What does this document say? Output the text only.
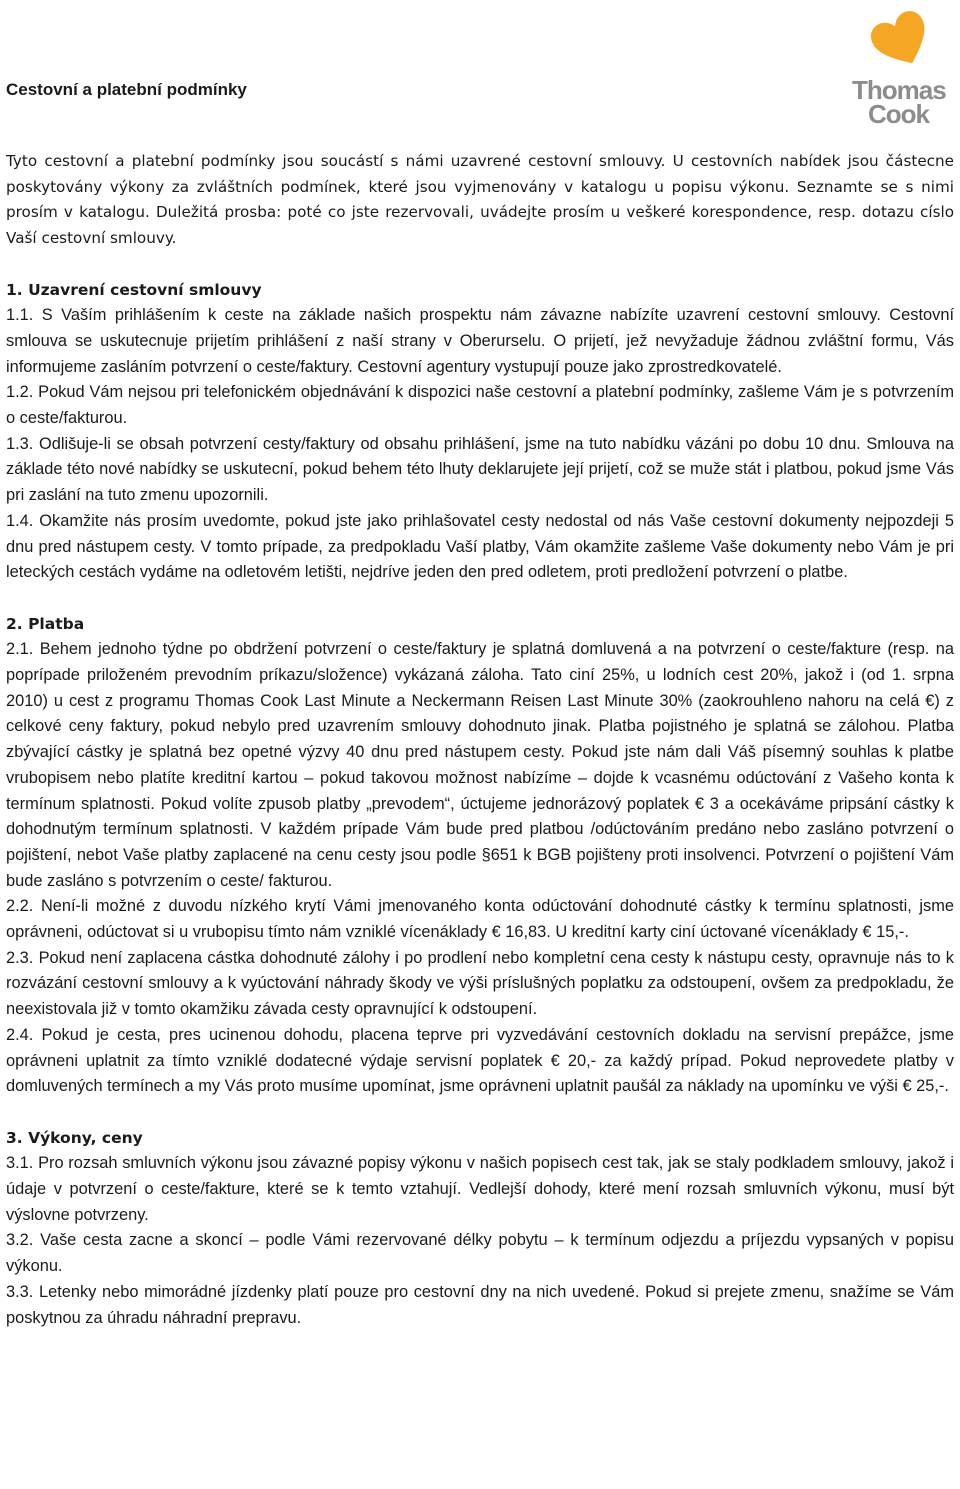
Thomas
Cook
Cestovní a platební podmínky

Tyto cestovní a platební podmínky jsou soucástí s námi uzavrené cestovní smlouvy. U cestovních nabídek jsou částecne poskytovány výkony za zvláštních podmínek, které jsou vyjmenovány v katalogu u popisu výkonu. Seznamte se s nimi prosím v katalogu. Duležitá prosba: poté co jste rezervovali, uvádejte prosím u veškeré korespondence, resp. dotazu císlo Vaší cestovní smlouvy.

1. Uzavrení cestovní smlouvy

1.1. S Vaším prihlášením k ceste na základe našich prospektu nám závazne nabízíte uzavrení cestovní smlouvy. Cestovní smlouva se uskutecnuje prijetím prihlášení z naší strany v Oberurselu. O prijetí, jež nevyžaduje žádnou zvláštní formu, Vás informujeme zasláním potvrzení o ceste/faktury. Cestovní agentury vystupují pouze jako zprostredkovatelé.

1.2. Pokud Vám nejsou pri telefonickém objednávání k dispozici naše cestovní a platební podmínky, zašleme Vám je s potvrzením o ceste/fakturou.

1.3. Odlišuje-li se obsah potvrzení cesty/faktury od obsahu prihlášení, jsme na tuto nabídku vázáni po dobu 10 dnu. Smlouva na základe této nové nabídky se uskutecní, pokud behem této lhuty deklarujete její prijetí, což se muže stát i platbou, pokud jsme Vás pri zaslání na tuto zmenu upozornili.

1.4. Okamžite nás prosím uvedomte, pokud jste jako prihlašovatel cesty nedostal od nás Vaše cestovní dokumenty nejpozdeji 5 dnu pred nástupem cesty. V tomto prípade, za predpokladu Vaší platby, Vám okamžite zašleme Vaše dokumenty nebo Vám je pri leteckých cestách vydáme na odletovém letišti, nejdríve jeden den pred odletem, proti predložení potvrzení o platbe.

2. Platba

2.1. Behem jednoho týdne po obdržení potvrzení o ceste/faktury je splatná domluvená a na potvrzení o ceste/fakture (resp. na poprípade priloženém prevodním príkazu/složence) vykázaná záloha. Tato ciní 25%, u lodních cest 20%, jakož i (od 1. srpna 2010) u cest z programu Thomas Cook Last Minute a Neckermann Reisen Last Minute 30% (zaokrouhleno nahoru na celá €) z celkové ceny faktury, pokud nebylo pred uzavrením smlouvy dohodnuto jinak. Platba pojistného je splatná se zálohou. Platba zbývající cástky je splatná bez opetné výzvy 40 dnu pred nástupem cesty. Pokud jste nám dali Váš písemný souhlas k platbe vrubopisem nebo platíte kreditní kartou – pokud takovou možnost nabízíme – dojde k vcasnému odúctování z Vašeho konta k termínum splatnosti. Pokud volíte zpusob platby „prevodem“, úctujeme jednorázový poplatek € 3 a ocekáváme pripsání cástky k dohodnutým termínum splatnosti. V každém prípade Vám bude pred platbou /odúctováním predáno nebo zasláno potvrzení o pojištení, nebot Vaše platby zaplacené na cenu cesty jsou podle §651 k BGB pojišteny proti insolvenci. Potvrzení o pojištení Vám bude zasláno s potvrzením o ceste/ fakturou.

2.2. Není-li možné z duvodu nízkého krytí Vámi jmenovaného konta odúctování dohodnuté cástky k termínu splatnosti, jsme oprávneni, odúctovat si u vrubopisu tímto nám vzniklé vícenáklady € 16,83. U kreditní karty ciní úctované vícenáklady € 15,-.

2.3. Pokud není zaplacena cástka dohodnuté zálohy i po prodlení nebo kompletní cena cesty k nástupu cesty, opravnuje nás to k rozvázání cestovní smlouvy a k vyúctování náhrady škody ve výši príslušných poplatku za odstoupení, ovšem za predpokladu, že neexistovala již v tomto okamžiku závada cesty opravnující k odstoupení.

2.4. Pokud je cesta, pres ucinenou dohodu, placena teprve pri vyzvedávání cestovních dokladu na servisní prepážce, jsme oprávneni uplatnit za tímto vzniklé dodatecné výdaje servisní poplatek € 20,- za každý prípad. Pokud neprovedete platby v domluvených termínech a my Vás proto musíme upomínat, jsme oprávneni uplatnit paušál za náklady na upomínku ve výši € 25,-.

3. Výkony, ceny

3.1. Pro rozsah smluvních výkonu jsou závazné popisy výkonu v našich popisech cest tak, jak se staly podkladem smlouvy, jakož i údaje v potvrzení o ceste/fakture, které se k temto vztahují. Vedlejší dohody, které mení rozsah smluvních výkonu, musí být výslovne potvrzeny.

3.2. Vaše cesta zacne a skoncí – podle Vámi rezervované délky pobytu – k termínum odjezdu a príjezdu vypsaných v popisu výkonu.

3.3. Letenky nebo mimorádné jízdenky platí pouze pro cestovní dny na nich uvedené. Pokud si prejete zmenu, snažíme se Vám poskytnou za úhradu náhradní prepravu.
